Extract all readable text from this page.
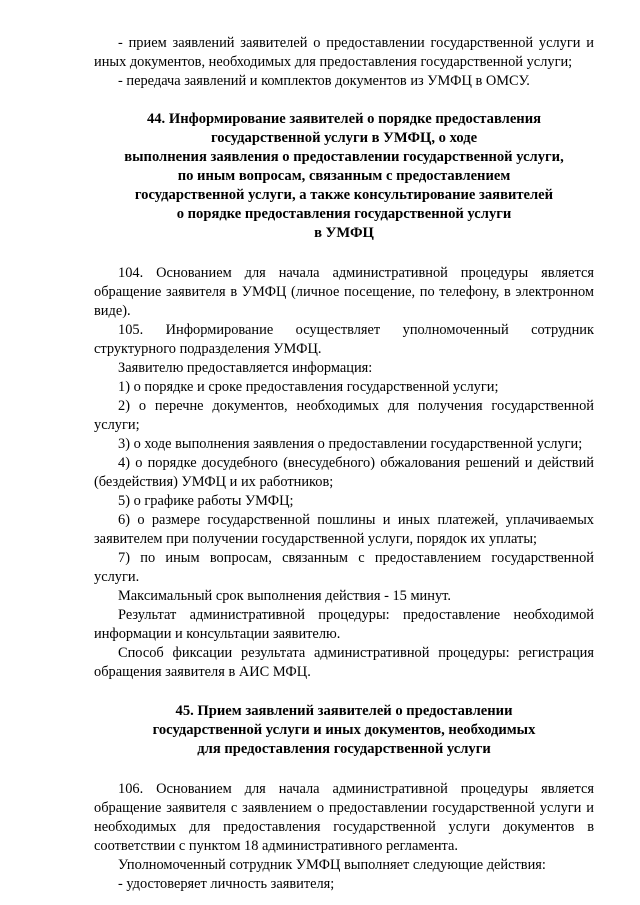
- прием заявлений заявителей о предоставлении государственной услуги и иных документов, необходимых для предоставления государственной услуги;

- передача заявлений и комплектов документов из УМФЦ в ОМСУ.

44. Информирование заявителей о порядке предоставления
государственной услуги в УМФЦ, о ходе
выполнения заявления о предоставлении государственной услуги,
по иным вопросам, связанным с предоставлением
государственной услуги, а также консультирование заявителей
о порядке предоставления государственной услуги
в УМФЦ

104. Основанием для начала административной процедуры является обращение заявителя в УМФЦ (личное посещение, по телефону, в электронном виде).

105. Информирование осуществляет уполномоченный сотрудник структурного подразделения УМФЦ.

Заявителю предоставляется информация:

1) о порядке и сроке предоставления государственной услуги;

2) о перечне документов, необходимых для получения государственной услуги;

3) о ходе выполнения заявления о предоставлении государственной услуги;

4) о порядке досудебного (внесудебного) обжалования решений и действий (бездействия) УМФЦ и их работников;

5) о графике работы УМФЦ;

6) о размере государственной пошлины и иных платежей, уплачиваемых заявителем при получении государственной услуги, порядок их уплаты;

7) по иным вопросам, связанным с предоставлением государственной услуги.

Максимальный срок выполнения действия - 15 минут.

Результат административной процедуры: предоставление необходимой информации и консультации заявителю.

Способ фиксации результата административной процедуры: регистрация обращения заявителя в АИС МФЦ.

45. Прием заявлений заявителей о предоставлении
государственной услуги и иных документов, необходимых
для предоставления государственной услуги

106. Основанием для начала административной процедуры является обращение заявителя с заявлением о предоставлении государственной услуги и необходимых для предоставления государственной услуги документов в соответствии с пунктом 18 административного регламента.

Уполномоченный сотрудник УМФЦ выполняет следующие действия:

- удостоверяет личность заявителя;
